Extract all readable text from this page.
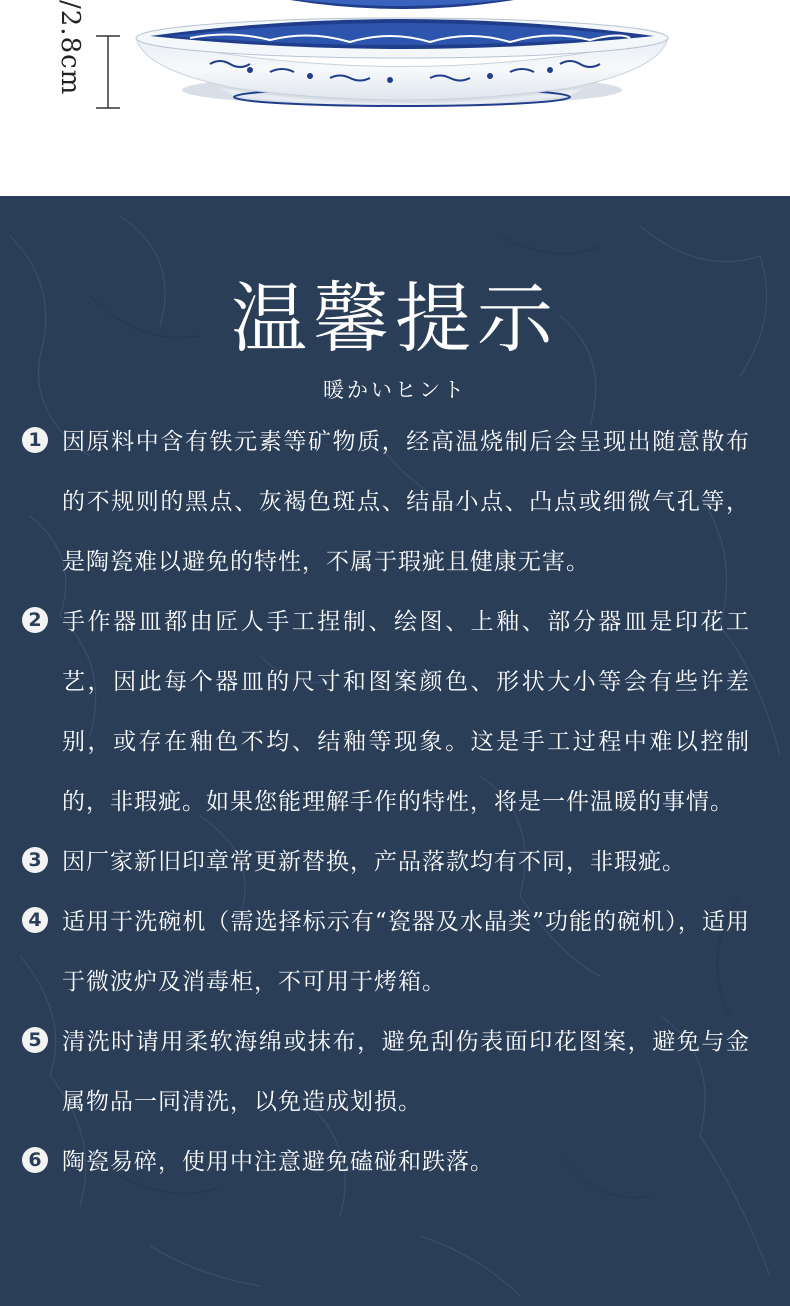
/2.8cm
温馨提示
暖かいヒント
1 因原料中含有铁元素等矿物质，经高温烧制后会呈现出随意散布的不规则的黑点、灰褐色斑点、结晶小点、凸点或细微气孔等，是陶瓷难以避免的特性，不属于瑕疵且健康无害。
2 手作器皿都由匠人手工捏制、绘图、上釉、部分器皿是印花工艺，因此每个器皿的尺寸和图案颜色、形状大小等会有些许差别，或存在釉色不均、结釉等现象。这是手工过程中难以控制的，非瑕疵。如果您能理解手作的特性，将是一件温暖的事情。
3 因厂家新旧印章常更新替换，产品落款均有不同，非瑕疵。
4 适用于洗碗机（需选择标示有“瓷器及水晶类”功能的碗机），适用于微波炉及消毒柜，不可用于烤箱。
5 清洗时请用柔软海绵或抹布，避免刮伤表面印花图案，避免与金属物品一同清洗，以免造成划损。
6 陶瓷易碎，使用中注意避免磕碰和跌落。
